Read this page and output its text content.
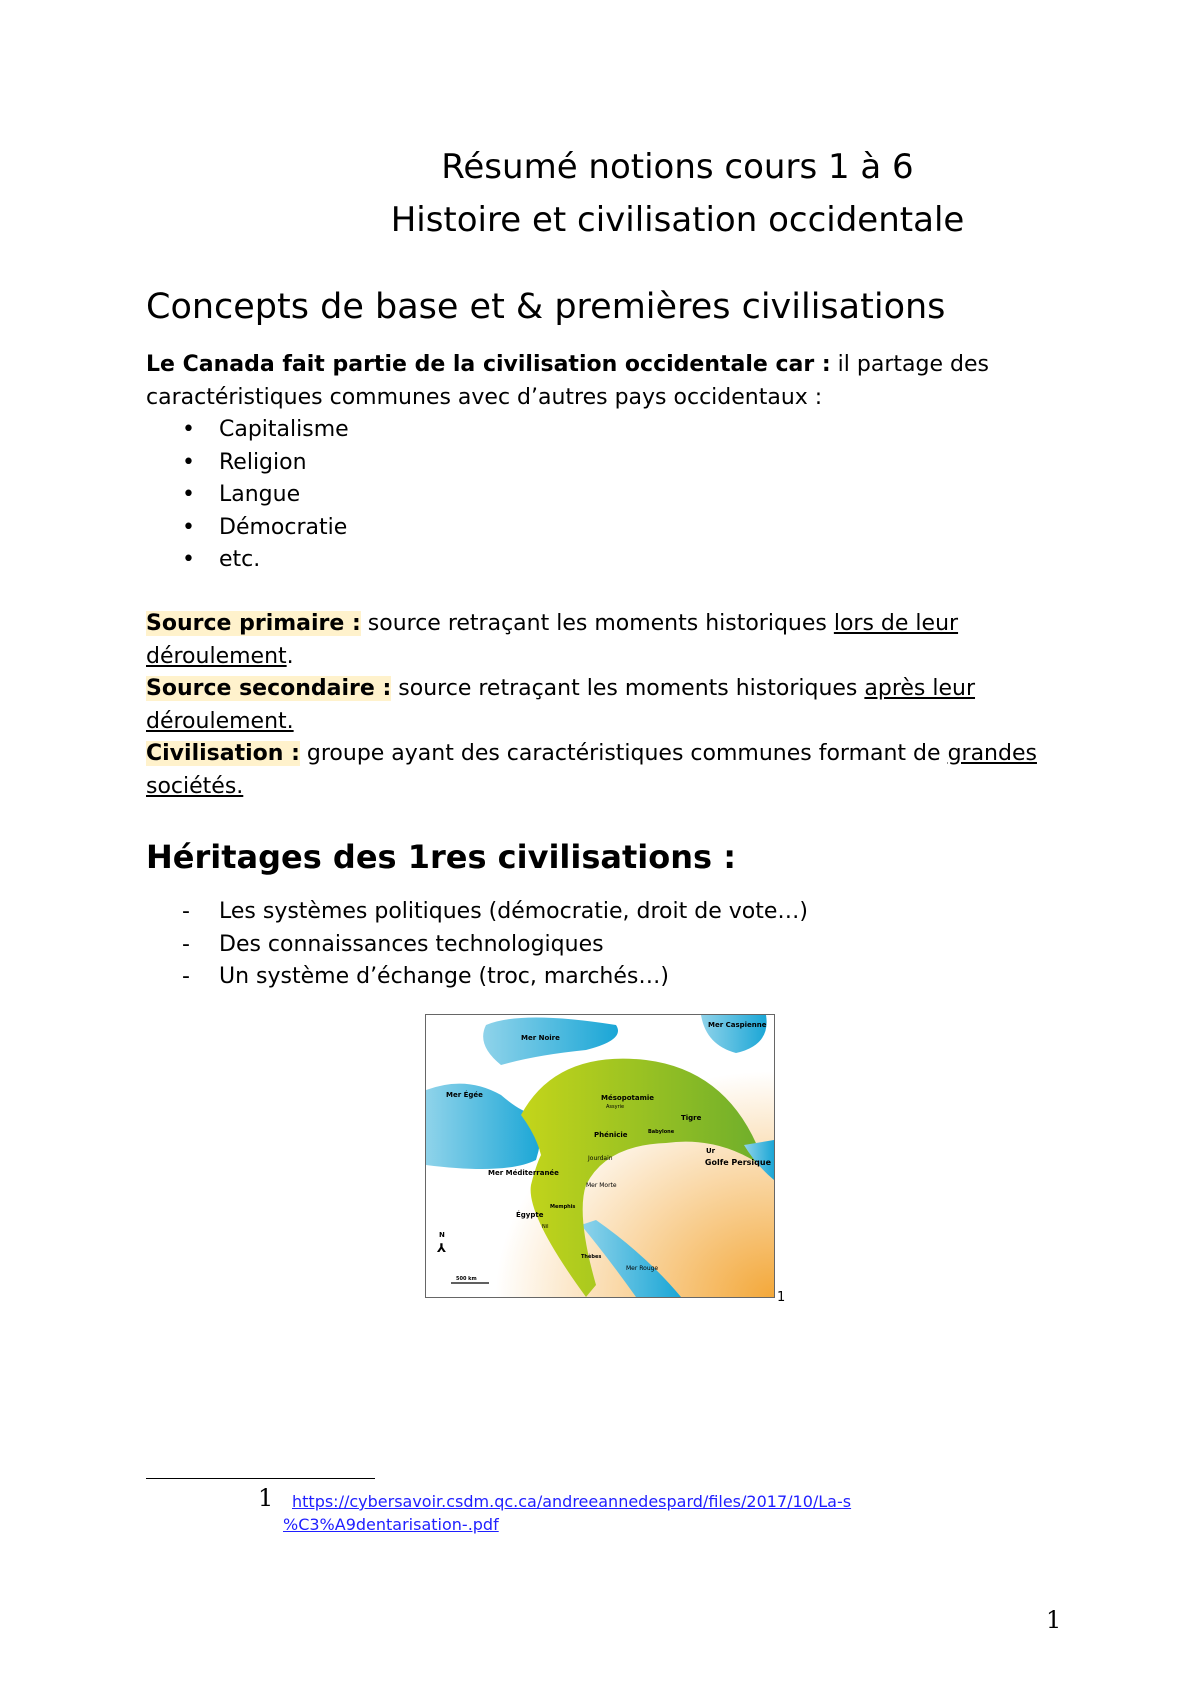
Résumé notions cours 1 à 6
Histoire et civilisation occidentale
Concepts de base et & premières civilisations
Le Canada fait partie de la civilisation occidentale car : il partage des caractéristiques communes avec d’autres pays occidentaux :
• Capitalisme
• Religion
• Langue
• Démocratie
• etc.
Source primaire : source retraçant les moments historiques lors de leur déroulement.
Source secondaire : source retraçant les moments historiques après leur déroulement.
Civilisation : groupe ayant des caractéristiques communes formant de grandes sociétés.
Héritages des 1res civilisations :
- Les systèmes politiques (démocratie, droit de vote…)
- Des connaissances technologiques
- Un système d’échange (troc, marchés…)
Mer Noire
Mer Caspienne
Mer Égée	Mésopotamie
Assyrie
Tigre
Babylone
Ur
Golfe Persique
Phénicie
Jourdain
Mer Morte
Mer Méditerranée
Égypte
Memphis
Nil
Thèbes
Mer Rouge
N
⅄
500 km
1
1 https://cybersavoir.csdm.qc.ca/andreeannedespard/files/2017/10/La-s
%C3%A9dentarisation-.pdf
1
